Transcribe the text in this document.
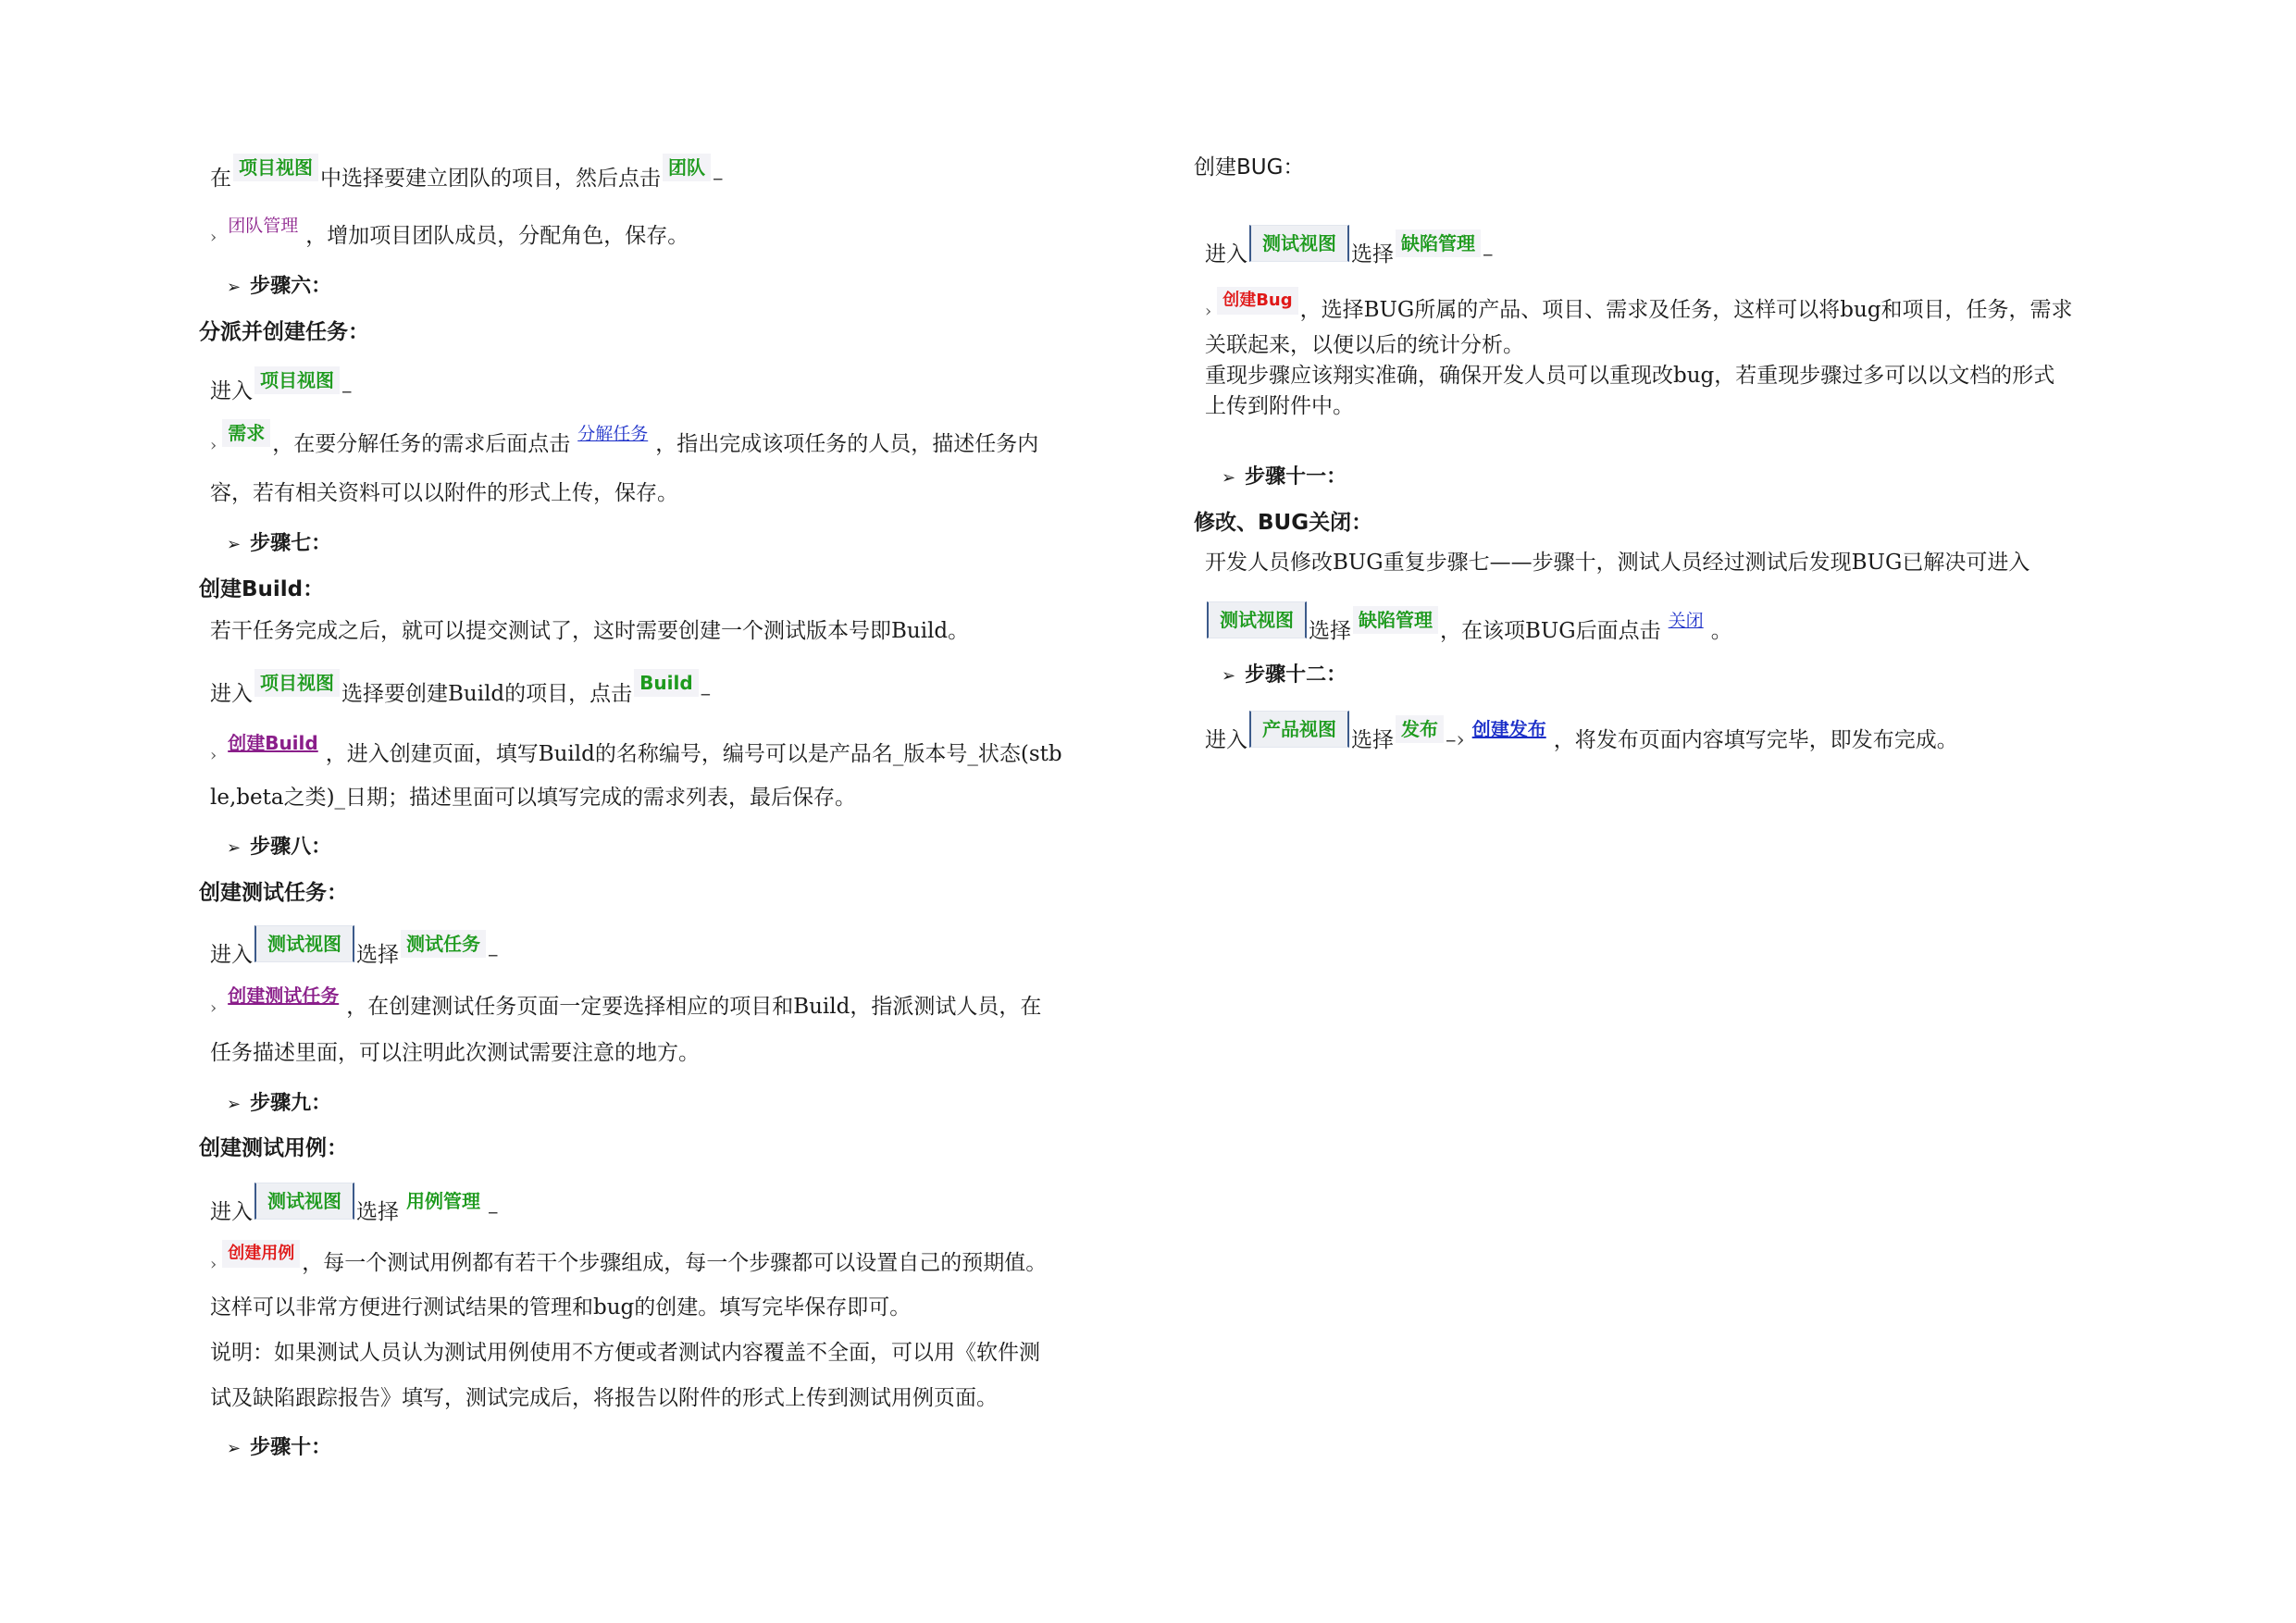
在 项目视图 中选择要建立团队的项目，然后点击 团队 –
›团队管理 ，增加项目团队成员，分配角色，保存。
➢ 步骤六：
分派并创建任务：
进入 项目视图 –
›需求 ，在要分解任务的需求后面点击 分解任务 ，指出完成该项任务的人员，描述任务内
容，若有相关资料可以以附件的形式上传，保存。
➢ 步骤七：
创建Build：
若干任务完成之后，就可以提交测试了，这时需要创建一个测试版本号即Build。
进入 项目视图 选择要创建Build的项目，点击 Build –
›创建Build ，进入创建页面，填写Build的名称编号，编号可以是产品名_版本号_状态(stb
le,beta之类)_日期；描述里面可以填写完成的需求列表，最后保存。
➢ 步骤八：
创建测试任务：
进入 测试视图 选择 测试任务 –
›创建测试任务 ，在创建测试任务页面一定要选择相应的项目和Build，指派测试人员，在
任务描述里面，可以注明此次测试需要注意的地方。
➢ 步骤九：
创建测试用例：
进入 测试视图 选择 用例管理 –
›创建用例 ，每一个测试用例都有若干个步骤组成，每一个步骤都可以设置自己的预期值。
这样可以非常方便进行测试结果的管理和bug的创建。填写完毕保存即可。
说明：如果测试人员认为测试用例使用不方便或者测试内容覆盖不全面，可以用《软件测
试及缺陷跟踪报告》填写，测试完成后，将报告以附件的形式上传到测试用例页面。
➢ 步骤十：
创建BUG：
进入 测试视图 选择 缺陷管理 –
›创建Bug ，选择BUG所属的产品、项目、需求及任务，这样可以将bug和项目，任务，需求
关联起来，以便以后的统计分析。
重现步骤应该翔实准确，确保开发人员可以重现改bug，若重现步骤过多可以以文档的形式
上传到附件中。
➢ 步骤十一：
修改、BUG关闭：
开发人员修改BUG重复步骤七——步骤十，测试人员经过测试后发现BUG已解决可进入
测试视图 选择 缺陷管理 ，在该项BUG后面点击 关闭 。
➢ 步骤十二：
进入 产品视图 选择 发布 –› 创建发布 ，将发布页面内容填写完毕，即发布完成。
